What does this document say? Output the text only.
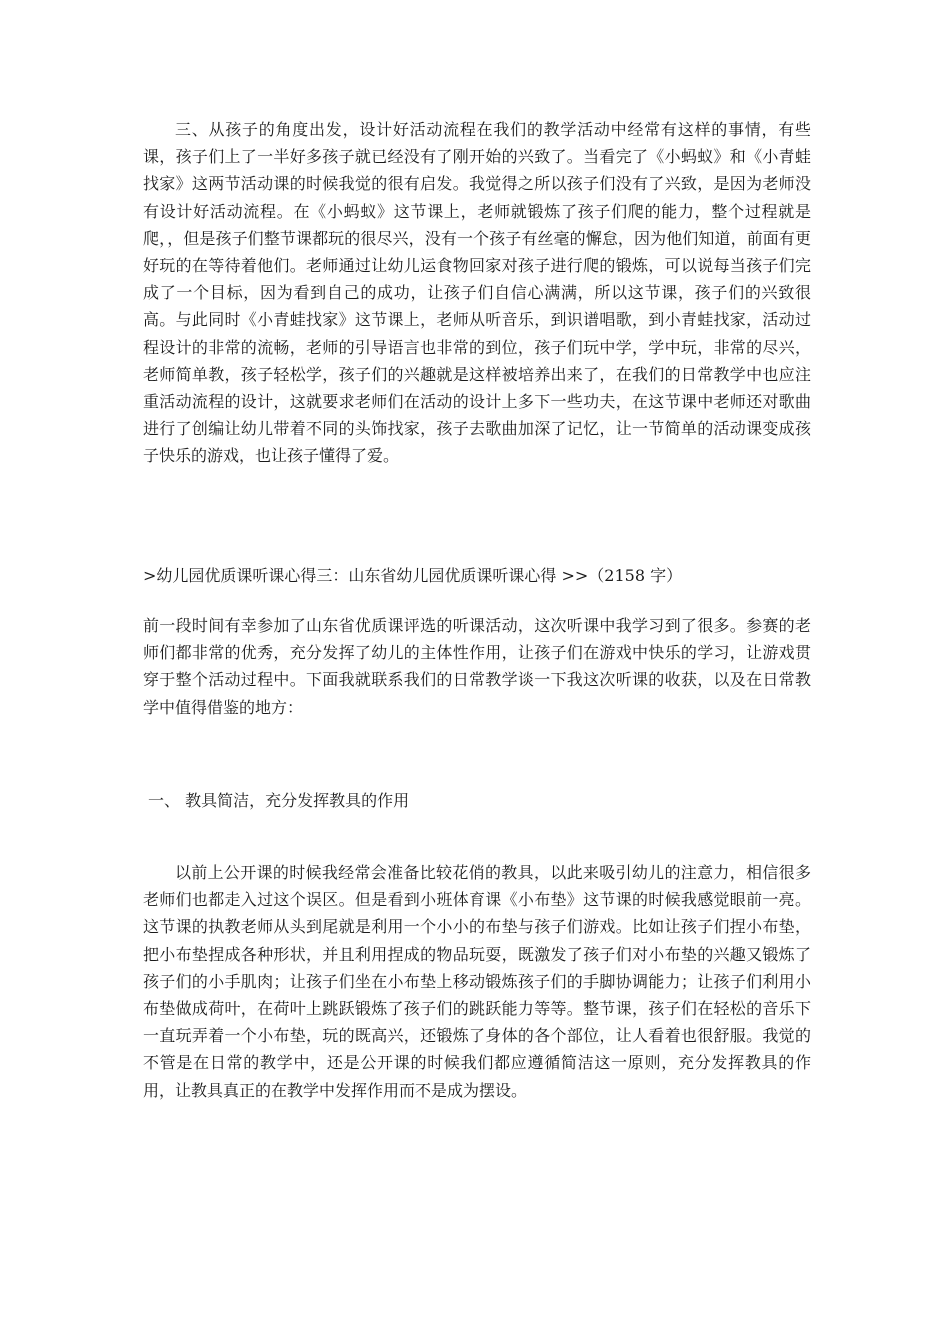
三、从孩子的角度出发，设计好活动流程在我们的教学活动中经常有这样的事情，有些课，孩子们上了一半好多孩子就已经没有了刚开始的兴致了。当看完了《小蚂蚁》和《小青蛙找家》这两节活动课的时候我觉的很有启发。我觉得之所以孩子们没有了兴致，是因为老师没有设计好活动流程。在《小蚂蚁》这节课上，老师就锻炼了孩子们爬的能力，整个过程就是爬，，但是孩子们整节课都玩的很尽兴，没有一个孩子有丝毫的懈怠，因为他们知道，前面有更好玩的在等待着他们。老师通过让幼儿运食物回家对孩子进行爬的锻炼，可以说每当孩子们完成了一个目标，因为看到自己的成功，让孩子们自信心满满，所以这节课，孩子们的兴致很高。与此同时《小青蛙找家》这节课上，老师从听音乐，到识谱唱歌，到小青蛙找家，活动过程设计的非常的流畅，老师的引导语言也非常的到位，孩子们玩中学，学中玩，非常的尽兴，老师简单教，孩子轻松学，孩子们的兴趣就是这样被培养出来了，在我们的日常教学中也应注重活动流程的设计，这就要求老师们在活动的设计上多下一些功夫，在这节课中老师还对歌曲进行了创编让幼儿带着不同的头饰找家，孩子去歌曲加深了记忆，让一节简单的活动课变成孩子快乐的游戏，也让孩子懂得了爱。

>幼儿园优质课听课心得三：山东省幼儿园优质课听课心得 >>（2158 字）

前一段时间有幸参加了山东省优质课评选的听课活动，这次听课中我学习到了很多。参赛的老师们都非常的优秀，充分发挥了幼儿的主体性作用，让孩子们在游戏中快乐的学习，让游戏贯穿于整个活动过程中。下面我就联系我们的日常教学谈一下我这次听课的收获，以及在日常教学中值得借鉴的地方：

一、 教具简洁，充分发挥教具的作用

以前上公开课的时候我经常会准备比较花俏的教具，以此来吸引幼儿的注意力，相信很多老师们也都走入过这个误区。但是看到小班体育课《小布垫》这节课的时候我感觉眼前一亮。这节课的执教老师从头到尾就是利用一个小小的布垫与孩子们游戏。比如让孩子们捏小布垫，把小布垫捏成各种形状，并且利用捏成的物品玩耍，既激发了孩子们对小布垫的兴趣又锻炼了孩子们的小手肌肉；让孩子们坐在小布垫上移动锻炼孩子们的手脚协调能力；让孩子们利用小布垫做成荷叶，在荷叶上跳跃锻炼了孩子们的跳跃能力等等。整节课，孩子们在轻松的音乐下一直玩弄着一个小布垫，玩的既高兴，还锻炼了身体的各个部位，让人看着也很舒服。我觉的不管是在日常的教学中，还是公开课的时候我们都应遵循简洁这一原则，充分发挥教具的作用，让教具真正的在教学中发挥作用而不是成为摆设。
